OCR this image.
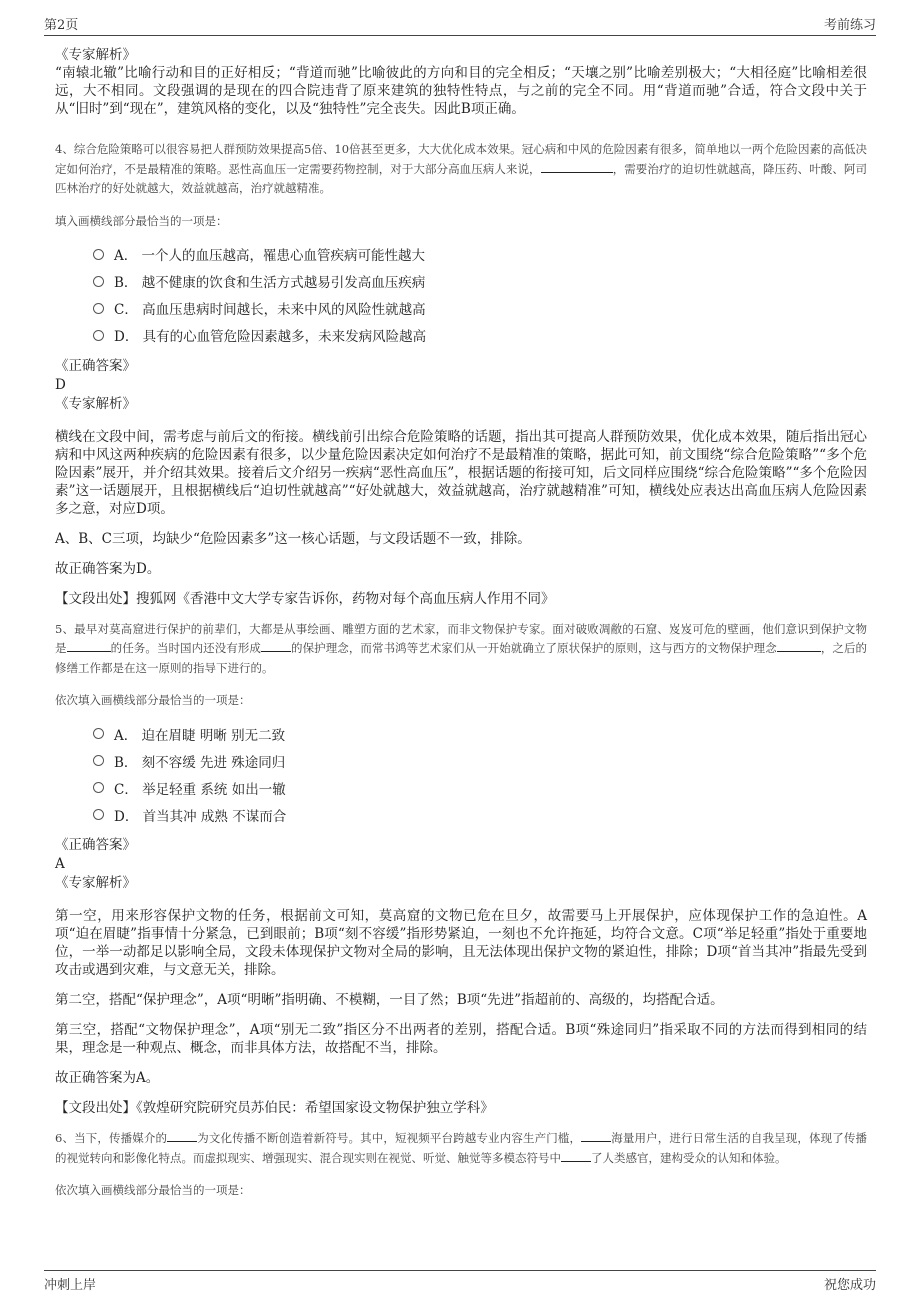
第2页	考前练习

《专家解析》

“南辕北辙”比喻行动和目的正好相反；“背道而驰”比喻彼此的方向和目的完全相反；“天壤之别”比喻差别极大；“大相径庭”比喻相差很远，大不相同。文段强调的是现在的四合院违背了原来建筑的独特性特点，与之前的完全不同。用“背道而驰”合适，符合文段中关于从“旧时”到“现在”，建筑风格的变化，以及“独特性”完全丧失。因此B项正确。

4、综合危险策略可以很容易把人群预防效果提高5倍、10倍甚至更多，大大优化成本效果。冠心病和中风的危险因素有很多，简单地以一两个危险因素的高低决定如何治疗，不是最精准的策略。恶性高血压一定需要药物控制，对于大部分高血压病人来说，	，需要治疗的迫切性就越高，降压药、叶酸、阿司匹林治疗的好处就越大，效益就越高，治疗就越精准。

填入画横线部分最恰当的一项是：

A． 一个人的血压越高，罹患心血管疾病可能性越大
B． 越不健康的饮食和生活方式越易引发高血压疾病
C． 高血压患病时间越长，未来中风的风险性就越高
D． 具有的心血管危险因素越多，未来发病风险越高

《正确答案》

D

《专家解析》

横线在文段中间，需考虑与前后文的衔接。横线前引出综合危险策略的话题，指出其可提高人群预防效果，优化成本效果，随后指出冠心病和中风这两种疾病的危险因素有很多，以少量危险因素决定如何治疗不是最精准的策略，据此可知，前文围绕“综合危险策略”“多个危险因素”展开，并介绍其效果。接着后文介绍另一疾病“恶性高血压”，根据话题的衔接可知，后文同样应围绕“综合危险策略”“多个危险因素”这一话题展开，且根据横线后“迫切性就越高”“好处就越大，效益就越高，治疗就越精准”可知，横线处应表达出高血压病人危险因素多之意，对应D项。

A、B、C三项，均缺少“危险因素多”这一核心话题，与文段话题不一致，排除。

故正确答案为D。

【文段出处】搜狐网《香港中文大学专家告诉你，药物对每个高血压病人作用不同》

5、最早对莫高窟进行保护的前辈们，大都是从事绘画、雕塑方面的艺术家，而非文物保护专家。面对破败凋敝的石窟、岌岌可危的壁画，他们意识到保护文物是	的任务。当时国内还没有形成	的保护理念，而常书鸿等艺术家们从一开始就确立了原状保护的原则，这与西方的文物保护理念	，之后的修缮工作都是在这一原则的指导下进行的。

依次填入画横线部分最恰当的一项是：

A． 迫在眉睫 明晰 别无二致
B． 刻不容缓 先进 殊途同归
C． 举足轻重 系统 如出一辙
D． 首当其冲 成熟 不谋而合

《正确答案》

A

《专家解析》

第一空，用来形容保护文物的任务，根据前文可知，莫高窟的文物已危在旦夕，故需要马上开展保护，应体现保护工作的急迫性。A项“迫在眉睫”指事情十分紧急，已到眼前；B项“刻不容缓”指形势紧迫，一刻也不允许拖延，均符合文意。C项“举足轻重”指处于重要地位，一举一动都足以影响全局，文段未体现保护文物对全局的影响，且无法体现出保护文物的紧迫性，排除；D项“首当其冲”指最先受到攻击或遇到灾难，与文意无关，排除。

第二空，搭配“保护理念”，A项“明晰”指明确、不模糊，一目了然；B项“先进”指超前的、高级的，均搭配合适。

第三空，搭配“文物保护理念”，A项“别无二致”指区分不出两者的差别，搭配合适。B项“殊途同归”指采取不同的方法而得到相同的结果，理念是一种观点、概念，而非具体方法，故搭配不当，排除。

故正确答案为A。

【文段出处】《敦煌研究院研究员苏伯民：希望国家设文物保护独立学科》

6、当下，传播媒介的	为文化传播不断创造着新符号。其中，短视频平台跨越专业内容生产门槛，	海量用户，进行日常生活的自我呈现，体现了传播的视觉转向和影像化特点。而虚拟现实、增强现实、混合现实则在视觉、听觉、触觉等多模态符号中	了人类感官，建构受众的认知和体验。

依次填入画横线部分最恰当的一项是：

冲刺上岸	祝您成功
